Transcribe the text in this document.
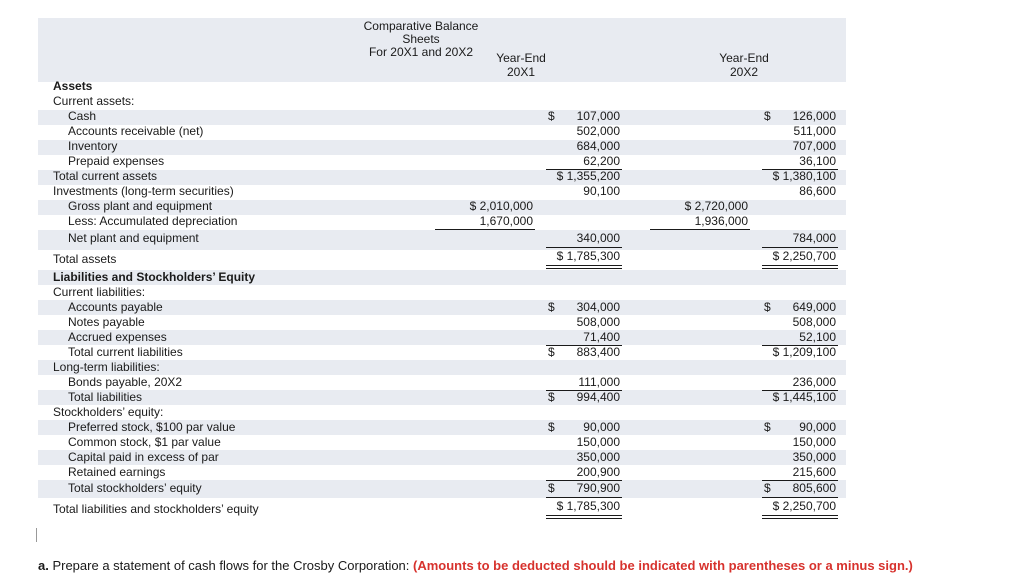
Comparative Balance Sheets
For 20X1 and 20X2	Year-End
20X1
Year-End
20X2
Assets
Current assets:
Cash	$	107,000	$	126,000
Accounts receivable (net)	502,000	511,000
Inventory	684,000	707,000
Prepaid expenses	62,200	36,100
Total current assets	$ 1,355,200	$ 1,380,100
Investments (long-term securities)	90,100	86,600
Gross plant and equipment	$ 2,010,000	$ 2,720,000
Less: Accumulated depreciation	1,670,000	1,936,000
Net plant and equipment	340,000	784,000
Total assets	$ 1,785,300	$ 2,250,700
Liabilities and Stockholders’ Equity
Current liabilities:
Accounts payable	$	304,000	$	649,000
Notes payable	508,000	508,000
Accrued expenses	71,400	52,100
Total current liabilities	$	883,400	$ 1,209,100
Long-term liabilities:
Bonds payable, 20X2	111,000	236,000
Total liabilities	$	994,400	$ 1,445,100
Stockholders’ equity:
Preferred stock, $100 par value	$	90,000	$	90,000
Common stock, $1 par value	150,000	150,000
Capital paid in excess of par	350,000	350,000
Retained earnings	200,900	215,600
Total stockholders’ equity	$	790,900	$	805,600
Total liabilities and stockholders’ equity	$ 1,785,300	$ 2,250,700
a. Prepare a statement of cash flows for the Crosby Corporation: (Amounts to be deducted should be indicated with parentheses or a minus sign.)
